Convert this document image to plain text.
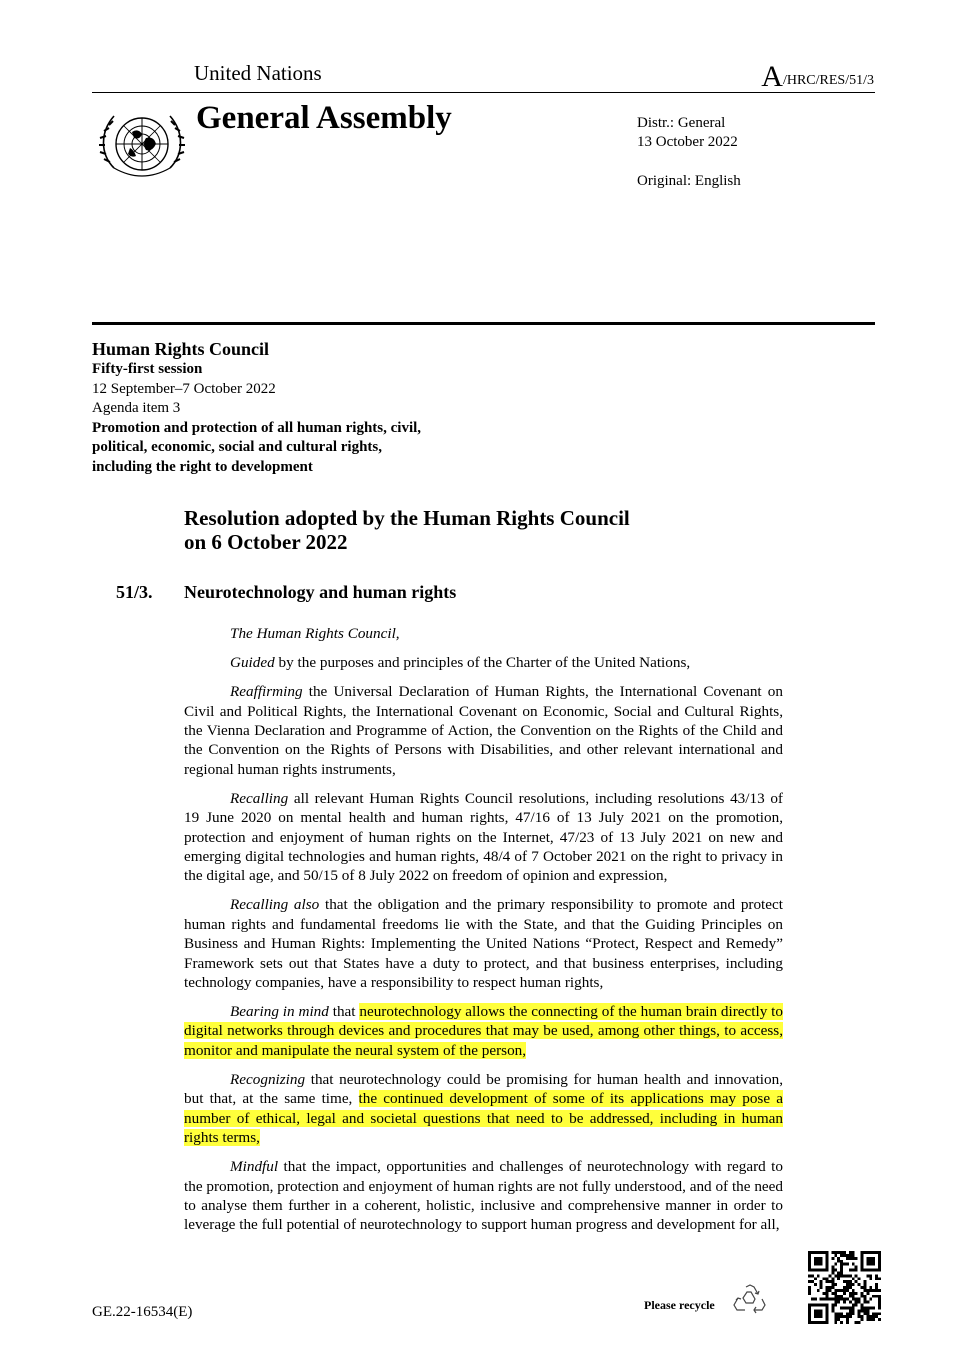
United Nations	A/HRC/RES/51/3
General Assembly	Distr.: General
13 October 2022
Original: English
Human Rights Council
Fifty-first session
12 September–7 October 2022
Agenda item 3
Promotion and protection of all human rights, civil,
political, economic, social and cultural rights,
including the right to development
Resolution adopted by the Human Rights Council
on 6 October 2022
51/3. Neurotechnology and human rights

The Human Rights Council,

Guided by the purposes and principles of the Charter of the United Nations,

Reaffirming the Universal Declaration of Human Rights, the International Covenant on Civil and Political Rights, the International Covenant on Economic, Social and Cultural Rights, the Vienna Declaration and Programme of Action, the Convention on the Rights of the Child and the Convention on the Rights of Persons with Disabilities, and other relevant international and regional human rights instruments,

Recalling all relevant Human Rights Council resolutions, including resolutions 43/13 of 19 June 2020 on mental health and human rights, 47/16 of 13 July 2021 on the promotion, protection and enjoyment of human rights on the Internet, 47/23 of 13 July 2021 on new and emerging digital technologies and human rights, 48/4 of 7 October 2021 on the right to privacy in the digital age, and 50/15 of 8 July 2022 on freedom of opinion and expression,

Recalling also that the obligation and the primary responsibility to promote and protect human rights and fundamental freedoms lie with the State, and that the Guiding Principles on Business and Human Rights: Implementing the United Nations “Protect, Respect and Remedy” Framework sets out that States have a duty to protect, and that business enterprises, including technology companies, have a responsibility to respect human rights,

Bearing in mind that neurotechnology allows the connecting of the human brain directly to digital networks through devices and procedures that may be used, among other things, to access, monitor and manipulate the neural system of the person,

Recognizing that neurotechnology could be promising for human health and innovation, but that, at the same time, the continued development of some of its applications may pose a number of ethical, legal and societal questions that need to be addressed, including in human rights terms,

Mindful that the impact, opportunities and challenges of neurotechnology with regard to the promotion, protection and enjoyment of human rights are not fully understood, and of the need to analyse them further in a coherent, holistic, inclusive and comprehensive manner in order to leverage the full potential of neurotechnology to support human progress and development for all,

GE.22-16534(E)	Please recycle
